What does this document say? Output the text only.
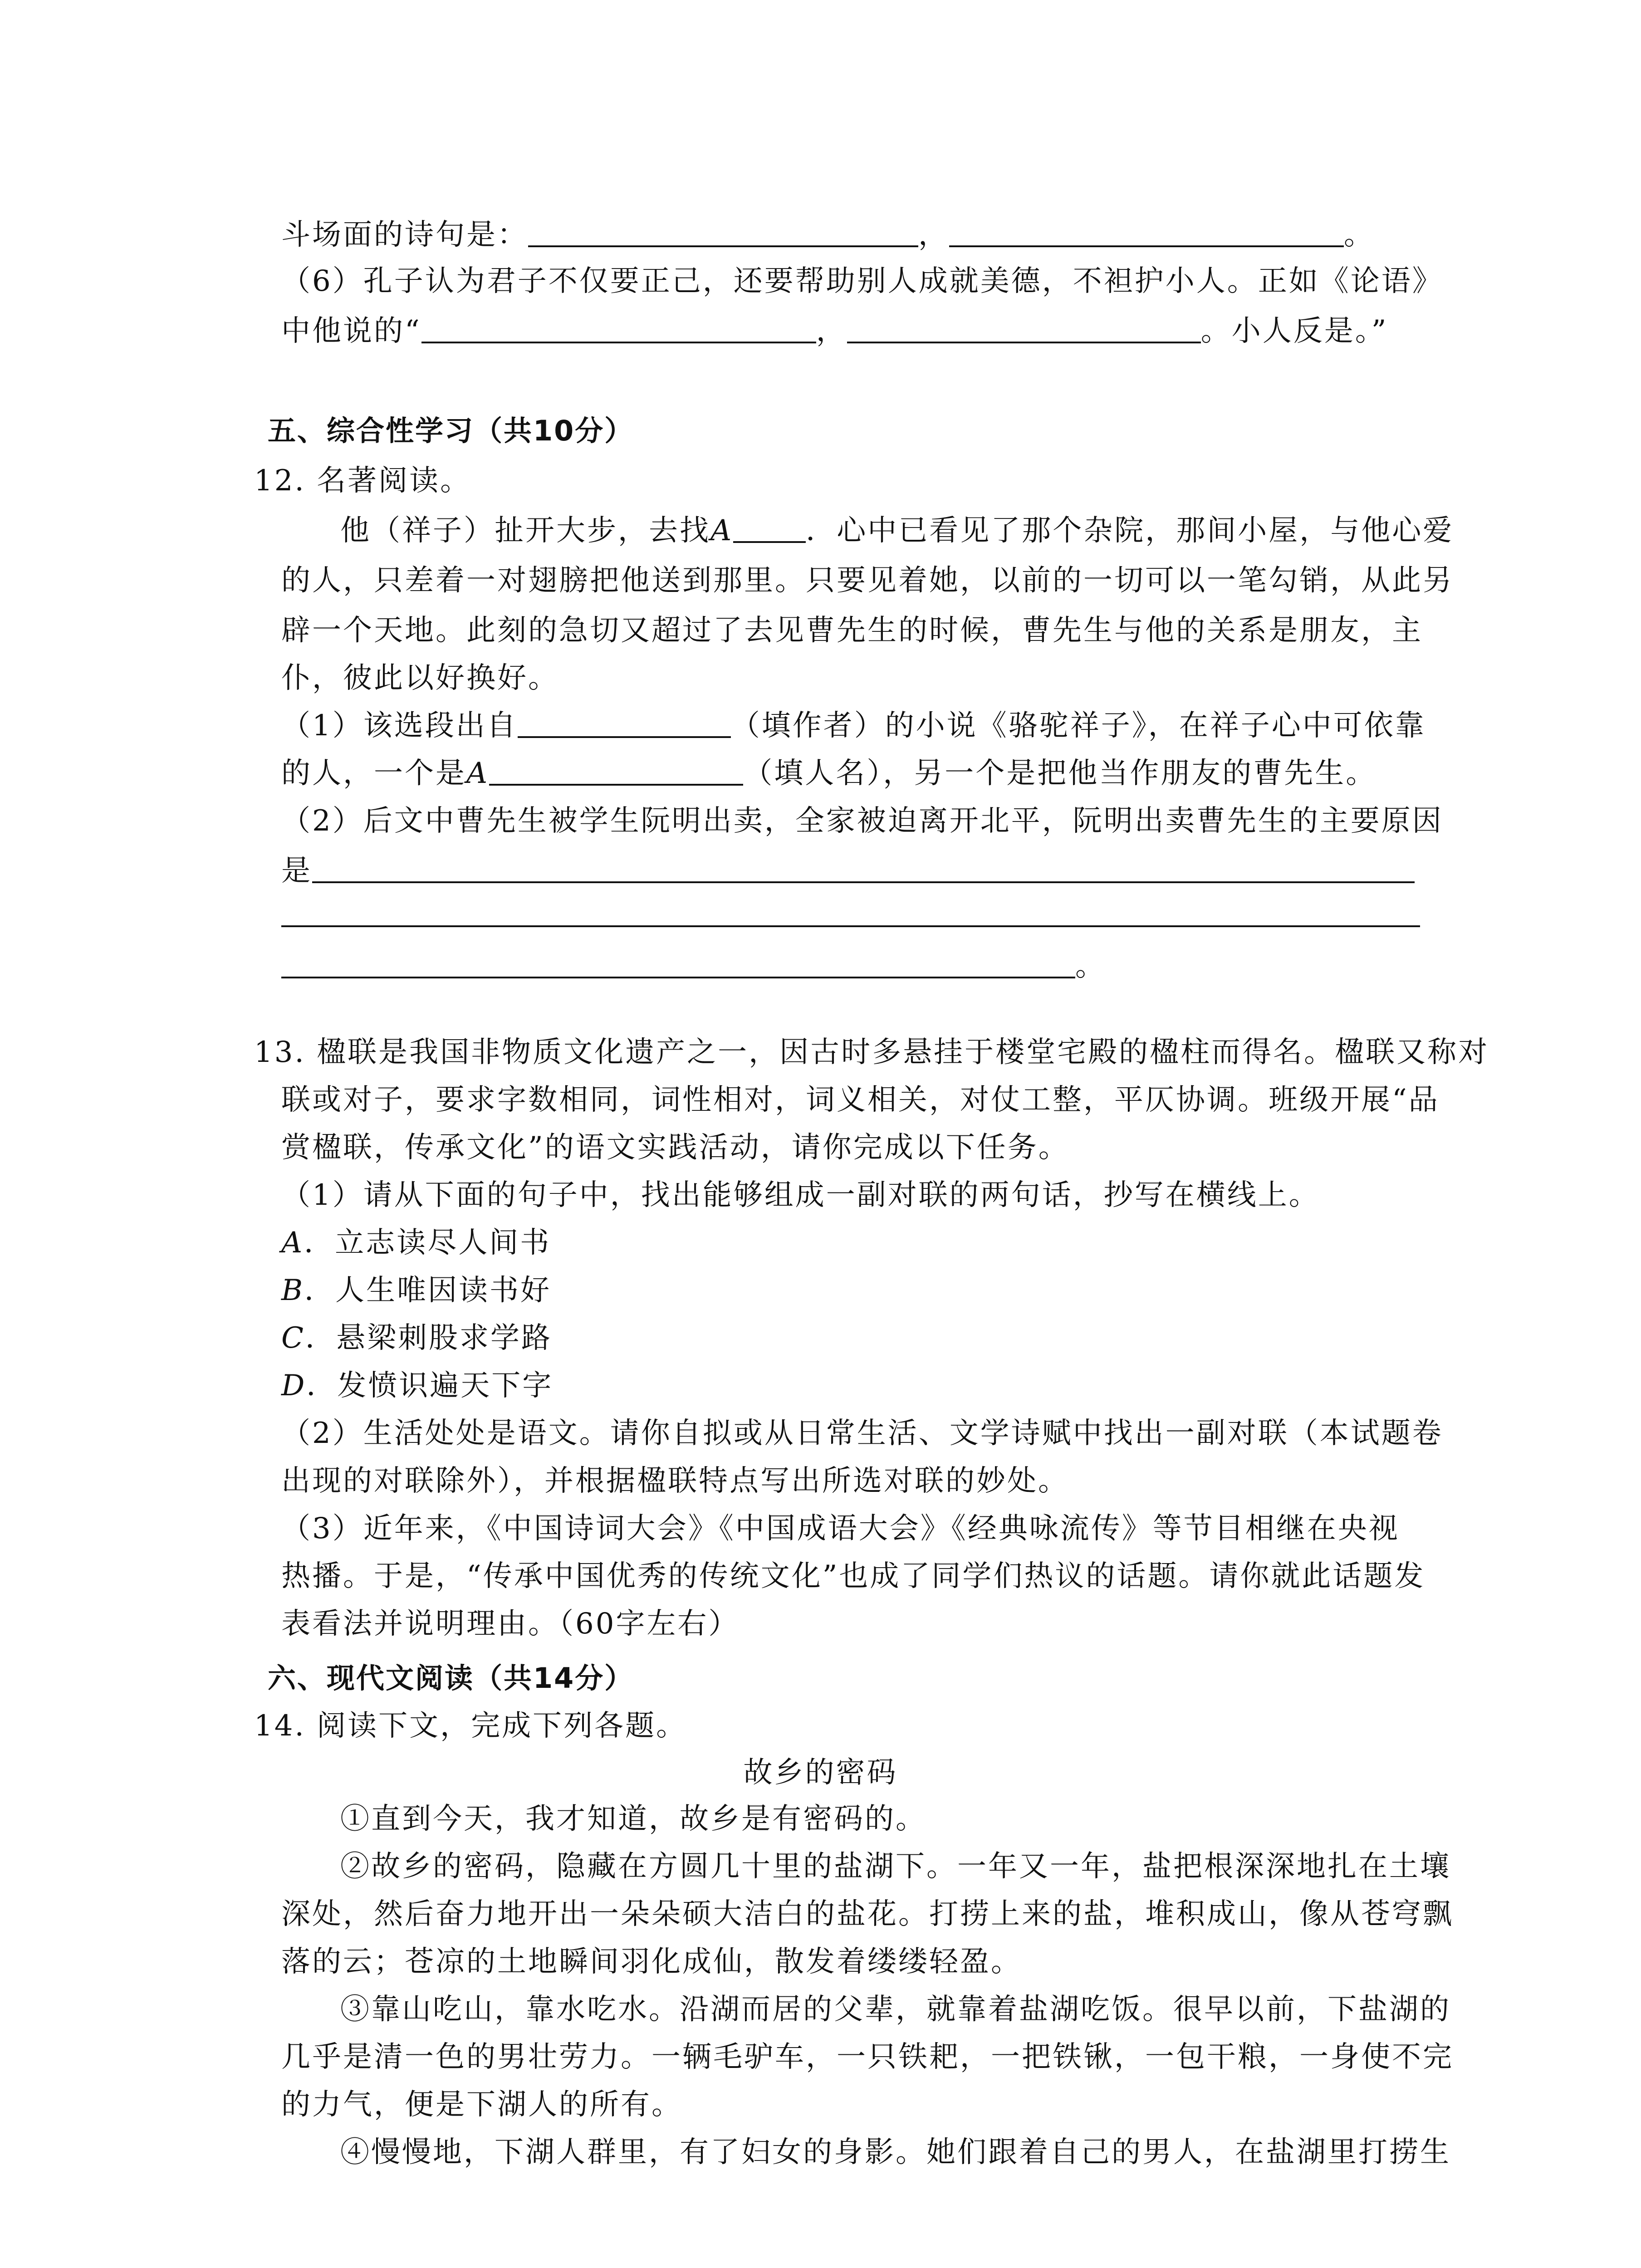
斗场面的诗句是：	，	。

（6）孔子认为君子不仅要正己，还要帮助别人成就美德，不袒护小人。正如《论语》

中他说的“	，	。小人反是。”

五、综合性学习（共10分）

12. 名著阅读。

他（祥子）扯开大步，去找A	．心中已看见了那个杂院，那间小屋，与他心爱

的人，只差着一对翅膀把他送到那里。只要见着她，以前的一切可以一笔勾销，从此另

辟一个天地。此刻的急切又超过了去见曹先生的时候，曹先生与他的关系是朋友，主

仆，彼此以好换好。

（1）该选段出自	（填作者）的小说《骆驼祥子》，在祥子心中可依靠

的人，一个是A	（填人名），另一个是把他当作朋友的曹先生。

（2）后文中曹先生被学生阮明出卖，全家被迫离开北平，阮明出卖曹先生的主要原因

是

。

13. 楹联是我国非物质文化遗产之一，因古时多悬挂于楼堂宅殿的楹柱而得名。楹联又称对

联或对子，要求字数相同，词性相对，词义相关，对仗工整，平仄协调。班级开展“品

赏楹联，传承文化”的语文实践活动，请你完成以下任务。

（1）请从下面的句子中，找出能够组成一副对联的两句话，抄写在横线上。

A．立志读尽人间书

B．人生唯因读书好

C．悬梁刺股求学路

D．发愤识遍天下字

（2）生活处处是语文。请你自拟或从日常生活、文学诗赋中找出一副对联（本试题卷

出现的对联除外），并根据楹联特点写出所选对联的妙处。

（3）近年来，《中国诗词大会》《中国成语大会》《经典咏流传》等节目相继在央视

热播。于是，“传承中国优秀的传统文化”也成了同学们热议的话题。请你就此话题发

表看法并说明理由。（60字左右）

六、现代文阅读（共14分）

14. 阅读下文，完成下列各题。

故乡的密码

①直到今天，我才知道，故乡是有密码的。

②故乡的密码，隐藏在方圆几十里的盐湖下。一年又一年，盐把根深深地扎在土壤

深处，然后奋力地开出一朵朵硕大洁白的盐花。打捞上来的盐，堆积成山，像从苍穹飘

落的云；苍凉的土地瞬间羽化成仙，散发着缕缕轻盈。

③靠山吃山，靠水吃水。沿湖而居的父辈，就靠着盐湖吃饭。很早以前，下盐湖的

几乎是清一色的男壮劳力。一辆毛驴车，一只铁耙，一把铁锹，一包干粮，一身使不完

的力气，便是下湖人的所有。

④慢慢地，下湖人群里，有了妇女的身影。她们跟着自己的男人，在盐湖里打捞生
